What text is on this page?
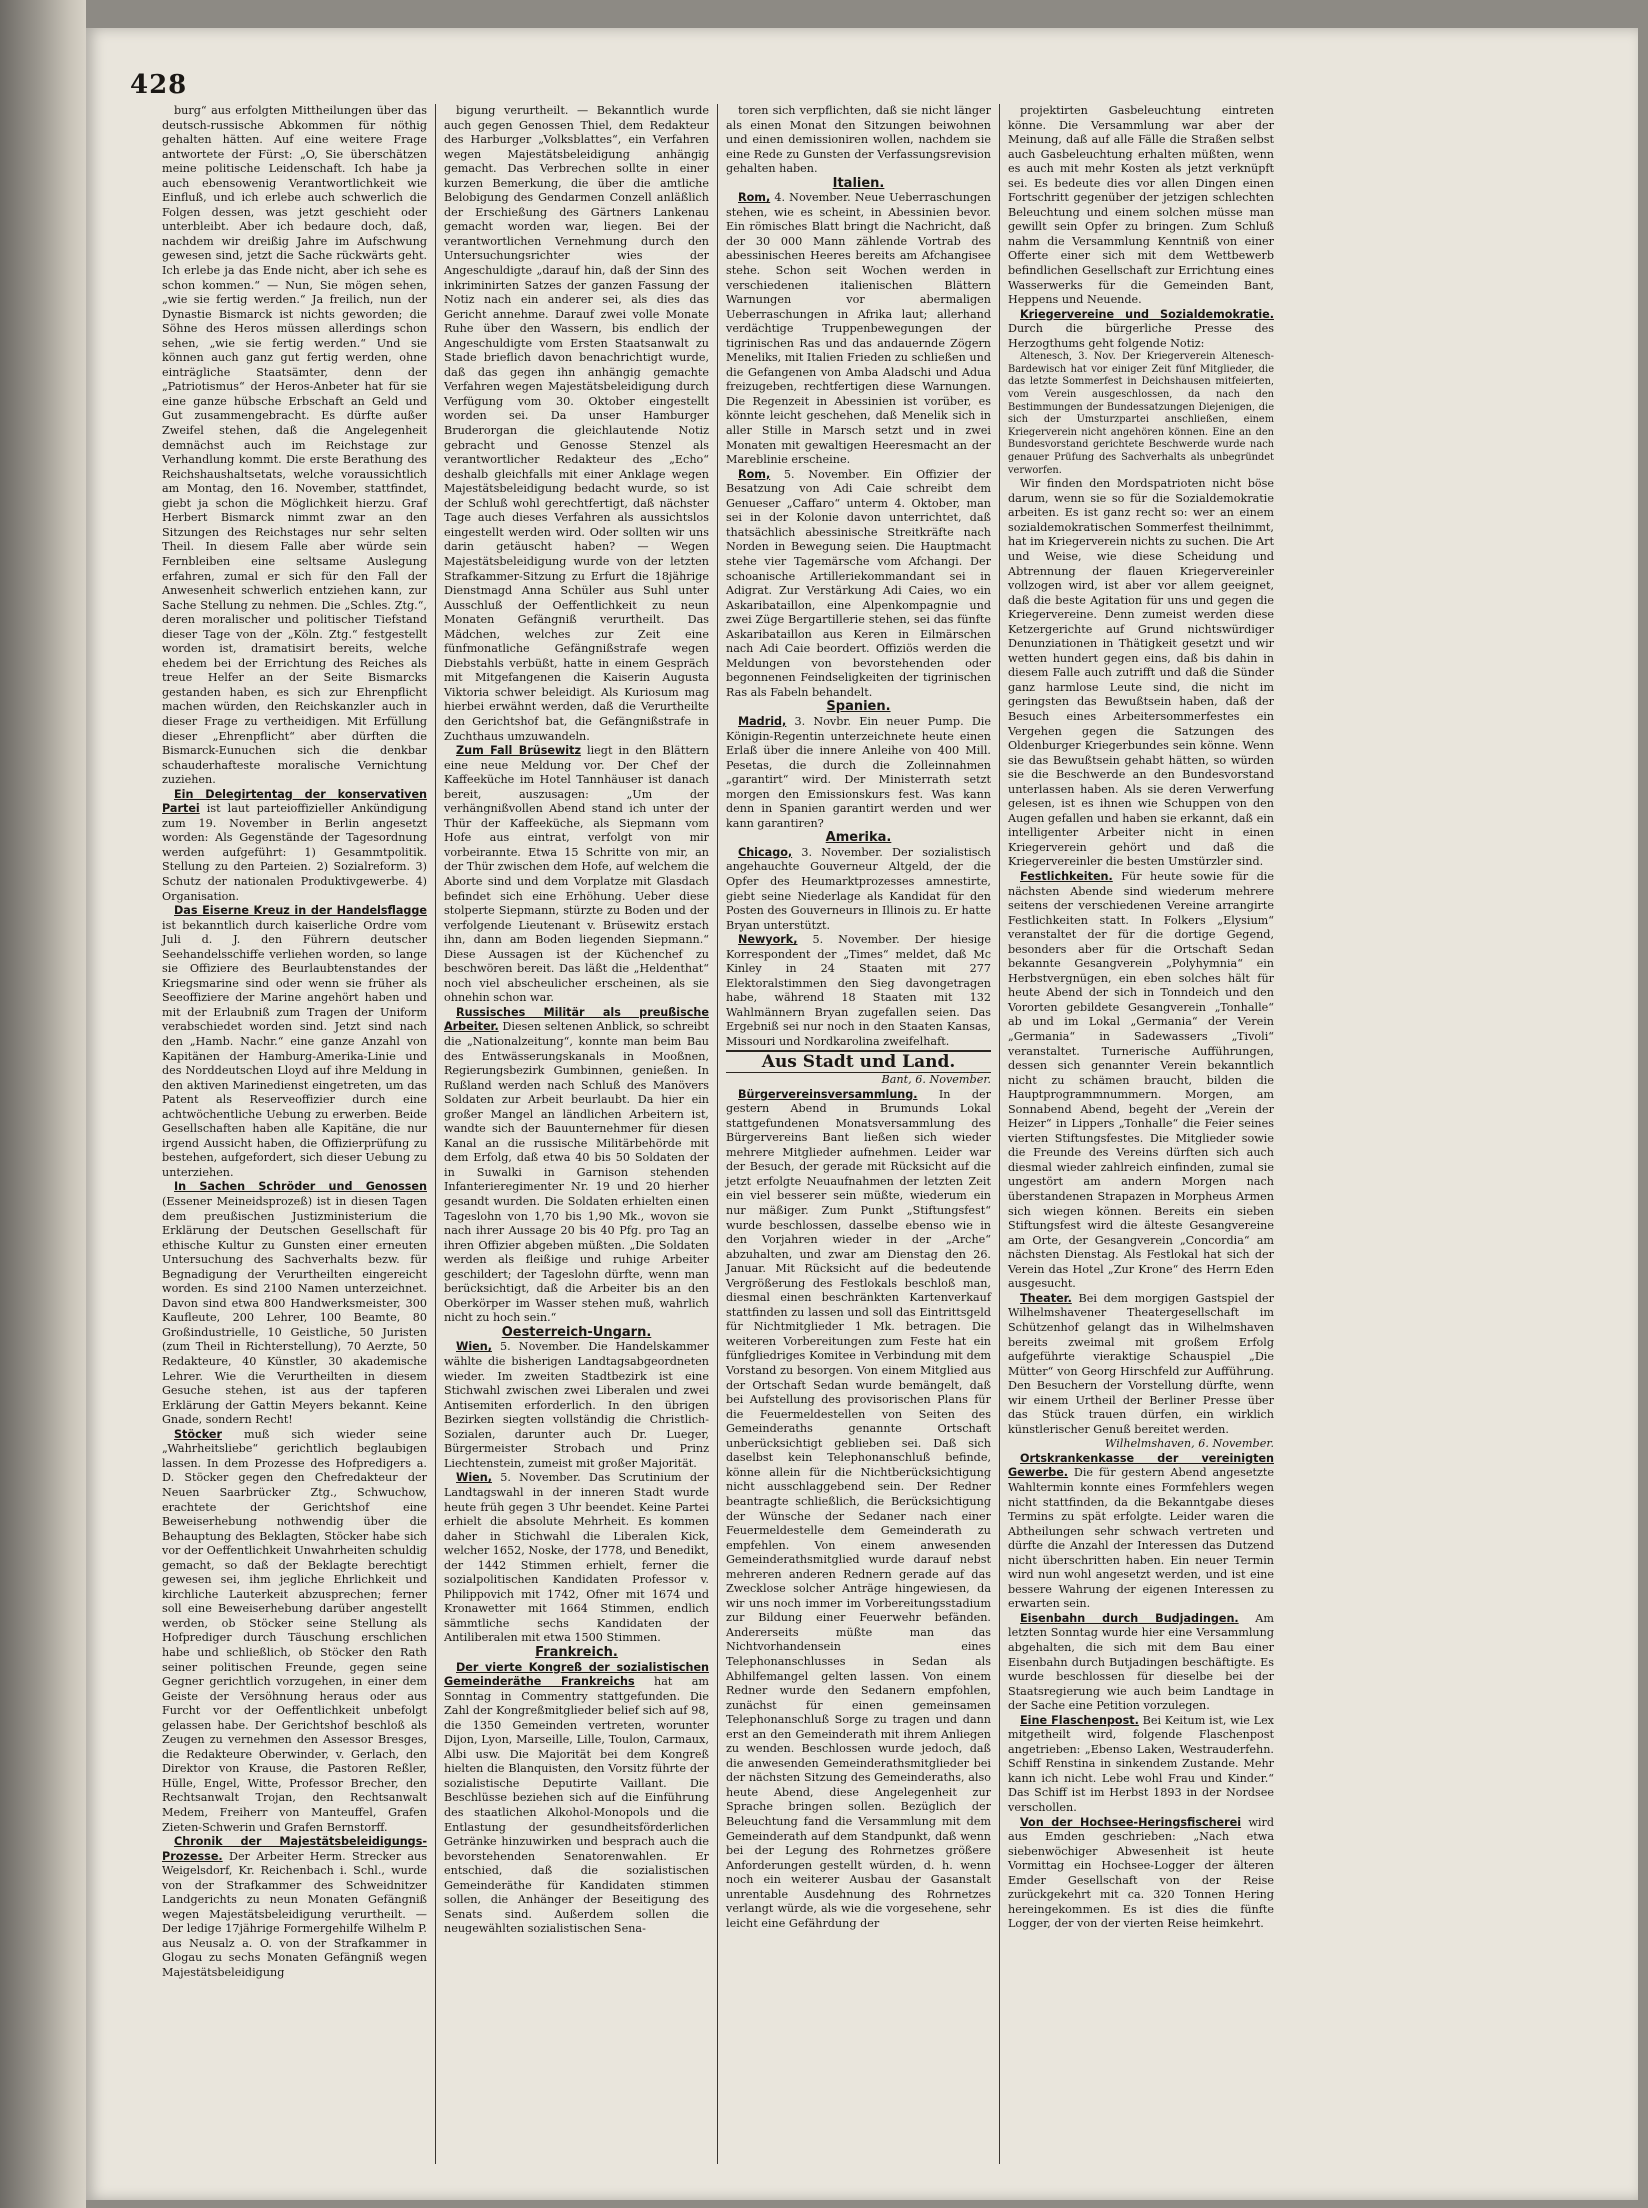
428

burg“ aus erfolgten Mittheilungen über das deutsch-russische Abkommen für nöthig gehalten hätten. Auf eine weitere Frage antwortete der Fürst: „O, Sie überschätzen meine politische Leidenschaft. Ich habe ja auch ebensowenig Verantwortlichkeit wie Einfluß, und ich erlebe auch schwerlich die Folgen dessen, was jetzt geschieht oder unterbleibt. Aber ich bedaure doch, daß, nachdem wir dreißig Jahre im Aufschwung gewesen sind, jetzt die Sache rückwärts geht. Ich erlebe ja das Ende nicht, aber ich sehe es schon kommen.“ — Nun, Sie mögen sehen, „wie sie fertig werden.“ Ja freilich, nun der Dynastie Bismarck ist nichts geworden; die Söhne des Heros müssen allerdings schon sehen, „wie sie fertig werden.“ Und sie können auch ganz gut fertig werden, ohne einträgliche Staatsämter, denn der „Patriotismus“ der Heros-Anbeter hat für sie eine ganze hübsche Erbschaft an Geld und Gut zusammengebracht. Es dürfte außer Zweifel stehen, daß die Angelegenheit demnächst auch im Reichstage zur Verhandlung kommt. Die erste Berathung des Reichshaushaltsetats, welche voraussichtlich am Montag, den 16. November, stattfindet, giebt ja schon die Möglichkeit hierzu. Graf Herbert Bismarck nimmt zwar an den Sitzungen des Reichstages nur sehr selten Theil. In diesem Falle aber würde sein Fernbleiben eine seltsame Auslegung erfahren, zumal er sich für den Fall der Anwesenheit schwerlich entziehen kann, zur Sache Stellung zu nehmen. Die „Schles. Ztg.“, deren moralischer und politischer Tiefstand dieser Tage von der „Köln. Ztg.“ festgestellt worden ist, dramatisirt bereits, welche ehedem bei der Errichtung des Reiches als treue Helfer an der Seite Bismarcks gestanden haben, es sich zur Ehrenpflicht machen würden, den Reichskanzler auch in dieser Frage zu vertheidigen. Mit Erfüllung dieser „Ehrenpflicht“ aber dürften die Bismarck-Eunuchen sich die denkbar schauderhafteste moralische Vernichtung zuziehen.

Ein Delegirtentag der konservativen Partei ist laut parteioffizieller Ankündigung zum 19. November in Berlin angesetzt worden: Als Gegenstände der Tagesordnung werden aufgeführt: 1) Gesammtpolitik. Stellung zu den Parteien. 2) Sozialreform. 3) Schutz der nationalen Produktivgewerbe. 4) Organisation.

Das Eiserne Kreuz in der Handelsflagge ist bekanntlich durch kaiserliche Ordre vom Juli d. J. den Führern deutscher Seehandelsschiffe verliehen worden, so lange sie Offiziere des Beurlaubtenstandes der Kriegsmarine sind oder wenn sie früher als Seeoffiziere der Marine angehört haben und mit der Erlaubniß zum Tragen der Uniform verabschiedet worden sind. Jetzt sind nach den „Hamb. Nachr.“ eine ganze Anzahl von Kapitänen der Hamburg-Amerika-Linie und des Norddeutschen Lloyd auf ihre Meldung in den aktiven Marinedienst eingetreten, um das Patent als Reserveoffizier durch eine achtwöchentliche Uebung zu erwerben. Beide Gesellschaften haben alle Kapitäne, die nur irgend Aussicht haben, die Offizierprüfung zu bestehen, aufgefordert, sich dieser Uebung zu unterziehen.

In Sachen Schröder und Genossen (Essener Meineidsprozeß) ist in diesen Tagen dem preußischen Justizministerium die Erklärung der Deutschen Gesellschaft für ethische Kultur zu Gunsten einer erneuten Untersuchung des Sachverhalts bezw. für Begnadigung der Verurtheilten eingereicht worden. Es sind 2100 Namen unterzeichnet. Davon sind etwa 800 Handwerksmeister, 300 Kaufleute, 200 Lehrer, 100 Beamte, 80 Großindustrielle, 10 Geistliche, 50 Juristen (zum Theil in Richterstellung), 70 Aerzte, 50 Redakteure, 40 Künstler, 30 akademische Lehrer. Wie die Verurtheilten in diesem Gesuche stehen, ist aus der tapferen Erklärung der Gattin Meyers bekannt. Keine Gnade, sondern Recht!

Stöcker muß sich wieder seine „Wahrheitsliebe“ gerichtlich beglaubigen lassen. In dem Prozesse des Hofpredigers a. D. Stöcker gegen den Chefredakteur der Neuen Saarbrücker Ztg., Schwuchow, erachtete der Gerichtshof eine Beweiserhebung nothwendig über die Behauptung des Beklagten, Stöcker habe sich vor der Oeffentlichkeit Unwahrheiten schuldig gemacht, so daß der Beklagte berechtigt gewesen sei, ihm jegliche Ehrlichkeit und kirchliche Lauterkeit abzusprechen; ferner soll eine Beweiserhebung darüber angestellt werden, ob Stöcker seine Stellung als Hofprediger durch Täuschung erschlichen habe und schließlich, ob Stöcker den Rath seiner politischen Freunde, gegen seine Gegner gerichtlich vorzugehen, in einer dem Geiste der Versöhnung heraus oder aus Furcht vor der Oeffentlichkeit unbefolgt gelassen habe. Der Gerichtshof beschloß als Zeugen zu vernehmen den Assessor Bresges, die Redakteure Oberwinder, v. Gerlach, den Direktor von Krause, die Pastoren Reßler, Hülle, Engel, Witte, Professor Brecher, den Rechtsanwalt Trojan, den Rechtsanwalt Medem, Freiherr von Manteuffel, Grafen Zieten-Schwerin und Grafen Bernstorff.

Chronik der Majestätsbeleidigungs-Prozesse. Der Arbeiter Herm. Strecker aus Weigelsdorf, Kr. Reichenbach i. Schl., wurde von der Strafkammer des Schweidnitzer Landgerichts zu neun Monaten Gefängniß wegen Majestätsbeleidigung verurtheilt. — Der ledige 17jährige Formergehilfe Wilhelm P. aus Neusalz a. O. von der Strafkammer in Glogau zu sechs Monaten Gefängniß wegen Majestätsbeleidigung

bigung verurtheilt. — Bekanntlich wurde auch gegen Genossen Thiel, dem Redakteur des Harburger „Volksblattes“, ein Verfahren wegen Majestätsbeleidigung anhängig gemacht. Das Verbrechen sollte in einer kurzen Bemerkung, die über die amtliche Belobigung des Gendarmen Conzell anläßlich der Erschießung des Gärtners Lankenau gemacht worden war, liegen. Bei der verantwortlichen Vernehmung durch den Untersuchungsrichter wies der Angeschuldigte „darauf hin, daß der Sinn des inkriminirten Satzes der ganzen Fassung der Notiz nach ein anderer sei, als dies das Gericht annehme. Darauf zwei volle Monate Ruhe über den Wassern, bis endlich der Angeschuldigte vom Ersten Staatsanwalt zu Stade brieflich davon benachrichtigt wurde, daß das gegen ihn anhängig gemachte Verfahren wegen Majestätsbeleidigung durch Verfügung vom 30. Oktober eingestellt worden sei. Da unser Hamburger Bruderorgan die gleichlautende Notiz gebracht und Genosse Stenzel als verantwortlicher Redakteur des „Echo“ deshalb gleichfalls mit einer Anklage wegen Majestätsbeleidigung bedacht wurde, so ist der Schluß wohl gerechtfertigt, daß nächster Tage auch dieses Verfahren als aussichtslos eingestellt werden wird. Oder sollten wir uns darin getäuscht haben? — Wegen Majestätsbeleidigung wurde von der letzten Strafkammer-Sitzung zu Erfurt die 18jährige Dienstmagd Anna Schüler aus Suhl unter Ausschluß der Oeffentlichkeit zu neun Monaten Gefängniß verurtheilt. Das Mädchen, welches zur Zeit eine fünfmonatliche Gefängnißstrafe wegen Diebstahls verbüßt, hatte in einem Gespräch mit Mitgefangenen die Kaiserin Augusta Viktoria schwer beleidigt. Als Kuriosum mag hierbei erwähnt werden, daß die Verurtheilte den Gerichtshof bat, die Gefängnißstrafe in Zuchthaus umzuwandeln.

Zum Fall Brüsewitz liegt in den Blättern eine neue Meldung vor. Der Chef der Kaffeeküche im Hotel Tannhäuser ist danach bereit, auszusagen: „Um der verhängnißvollen Abend stand ich unter der Thür der Kaffeeküche, als Siepmann vom Hofe aus eintrat, verfolgt von mir vorbeirannte. Etwa 15 Schritte von mir, an der Thür zwischen dem Hofe, auf welchem die Aborte sind und dem Vorplatze mit Glasdach befindet sich eine Erhöhung. Ueber diese stolperte Siepmann, stürzte zu Boden und der verfolgende Lieutenant v. Brüsewitz erstach ihn, dann am Boden liegenden Siepmann.“ Diese Aussagen ist der Küchenchef zu beschwören bereit. Das läßt die „Heldenthat“ noch viel abscheulicher erscheinen, als sie ohnehin schon war.

Russisches Militär als preußische Arbeiter. Diesen seltenen Anblick, so schreibt die „Nationalzeitung“, konnte man beim Bau des Entwässerungskanals in Mooßnen, Regierungsbezirk Gumbinnen, genießen. In Rußland werden nach Schluß des Manövers Soldaten zur Arbeit beurlaubt. Da hier ein großer Mangel an ländlichen Arbeitern ist, wandte sich der Bauunternehmer für diesen Kanal an die russische Militärbehörde mit dem Erfolg, daß etwa 40 bis 50 Soldaten der in Suwalki in Garnison stehenden Infanterieregimenter Nr. 19 und 20 hierher gesandt wurden. Die Soldaten erhielten einen Tageslohn von 1,70 bis 1,90 Mk., wovon sie nach ihrer Aussage 20 bis 40 Pfg. pro Tag an ihren Offizier abgeben müßten. „Die Soldaten werden als fleißige und ruhige Arbeiter geschildert; der Tageslohn dürfte, wenn man berücksichtigt, daß die Arbeiter bis an den Oberkörper im Wasser stehen muß, wahrlich nicht zu hoch sein.“

Oesterreich-Ungarn.

Wien, 5. November. Die Handelskammer wählte die bisherigen Landtagsabgeordneten wieder. Im zweiten Stadtbezirk ist eine Stichwahl zwischen zwei Liberalen und zwei Antisemiten erforderlich. In den übrigen Bezirken siegten vollständig die Christlich-Sozialen, darunter auch Dr. Lueger, Bürgermeister Strobach und Prinz Liechtenstein, zumeist mit großer Majorität.

Wien, 5. November. Das Scrutinium der Landtagswahl in der inneren Stadt wurde heute früh gegen 3 Uhr beendet. Keine Partei erhielt die absolute Mehrheit. Es kommen daher in Stichwahl die Liberalen Kick, welcher 1652, Noske, der 1778, und Benedikt, der 1442 Stimmen erhielt, ferner die sozialpolitischen Kandidaten Professor v. Philippovich mit 1742, Ofner mit 1674 und Kronawetter mit 1664 Stimmen, endlich sämmtliche sechs Kandidaten der Antiliberalen mit etwa 1500 Stimmen.

Frankreich.

Der vierte Kongreß der sozialistischen Gemeinderäthe Frankreichs hat am Sonntag in Commentry stattgefunden. Die Zahl der Kongreßmitglieder belief sich auf 98, die 1350 Gemeinden vertreten, worunter Dijon, Lyon, Marseille, Lille, Toulon, Carmaux, Albi usw. Die Majorität bei dem Kongreß hielten die Blanquisten, den Vorsitz führte der sozialistische Deputirte Vaillant. Die Beschlüsse beziehen sich auf die Einführung des staatlichen Alkohol-Monopols und die Entlastung der gesundheitsförderlichen Getränke hinzuwirken und besprach auch die bevorstehenden Senatorenwahlen. Er entschied, daß die sozialistischen Gemeinderäthe für Kandidaten stimmen sollen, die Anhänger der Beseitigung des Senats sind. Außerdem sollen die neugewählten sozialistischen Sena-

toren sich verpflichten, daß sie nicht länger als einen Monat den Sitzungen beiwohnen und einen demissioniren wollen, nachdem sie eine Rede zu Gunsten der Verfassungsrevision gehalten haben.

Italien.

Rom, 4. November. Neue Ueberraschungen stehen, wie es scheint, in Abessinien bevor. Ein römisches Blatt bringt die Nachricht, daß der 30 000 Mann zählende Vortrab des abessinischen Heeres bereits am Afchangisee stehe. Schon seit Wochen werden in verschiedenen italienischen Blättern Warnungen vor abermaligen Ueberraschungen in Afrika laut; allerhand verdächtige Truppenbewegungen der tigrinischen Ras und das andauernde Zögern Meneliks, mit Italien Frieden zu schließen und die Gefangenen von Amba Aladschi und Adua freizugeben, rechtfertigen diese Warnungen. Die Regenzeit in Abessinien ist vorüber, es könnte leicht geschehen, daß Menelik sich in aller Stille in Marsch setzt und in zwei Monaten mit gewaltigen Heeresmacht an der Mareblinie erscheine.

Rom, 5. November. Ein Offizier der Besatzung von Adi Caie schreibt dem Genueser „Caffaro“ unterm 4. Oktober, man sei in der Kolonie davon unterrichtet, daß thatsächlich abessinische Streitkräfte nach Norden in Bewegung seien. Die Hauptmacht stehe vier Tagemärsche vom Afchangi. Der schoanische Artilleriekommandant sei in Adigrat. Zur Verstärkung Adi Caies, wo ein Askaribataillon, eine Alpenkompagnie und zwei Züge Bergartillerie stehen, sei das fünfte Askaribataillon aus Keren in Eilmärschen nach Adi Caie beordert. Offiziös werden die Meldungen von bevorstehenden oder begonnenen Feindseligkeiten der tigrinischen Ras als Fabeln behandelt.

Spanien.

Madrid, 3. Novbr. Ein neuer Pump. Die Königin-Regentin unterzeichnete heute einen Erlaß über die innere Anleihe von 400 Mill. Pesetas, die durch die Zolleinnahmen „garantirt“ wird. Der Ministerrath setzt morgen den Emissionskurs fest. Was kann denn in Spanien garantirt werden und wer kann garantiren?

Amerika.

Chicago, 3. November. Der sozialistisch angehauchte Gouverneur Altgeld, der die Opfer des Heumarktprozesses amnestirte, giebt seine Niederlage als Kandidat für den Posten des Gouverneurs in Illinois zu. Er hatte Bryan unterstützt.

Newyork, 5. November. Der hiesige Korrespondent der „Times“ meldet, daß Mc Kinley in 24 Staaten mit 277 Elektoralstimmen den Sieg davongetragen habe, während 18 Staaten mit 132 Wahlmännern Bryan zugefallen seien. Das Ergebniß sei nur noch in den Staaten Kansas, Missouri und Nordkarolina zweifelhaft.

Aus Stadt und Land.

Bant, 6. November.

Bürgervereinsversammlung. In der gestern Abend in Brumunds Lokal stattgefundenen Monatsversammlung des Bürgervereins Bant ließen sich wieder mehrere Mitglieder aufnehmen. Leider war der Besuch, der gerade mit Rücksicht auf die jetzt erfolgte Neuaufnahmen der letzten Zeit ein viel besserer sein müßte, wiederum ein nur mäßiger. Zum Punkt „Stiftungsfest“ wurde beschlossen, dasselbe ebenso wie in den Vorjahren wieder in der „Arche“ abzuhalten, und zwar am Dienstag den 26. Januar. Mit Rücksicht auf die bedeutende Vergrößerung des Festlokals beschloß man, diesmal einen beschränkten Kartenverkauf stattfinden zu lassen und soll das Eintrittsgeld für Nichtmitglieder 1 Mk. betragen. Die weiteren Vorbereitungen zum Feste hat ein fünfgliedriges Komitee in Verbindung mit dem Vorstand zu besorgen. Von einem Mitglied aus der Ortschaft Sedan wurde bemängelt, daß bei Aufstellung des provisorischen Plans für die Feuermeldestellen von Seiten des Gemeinderaths genannte Ortschaft unberücksichtigt geblieben sei. Daß sich daselbst kein Telephonanschluß befinde, könne allein für die Nichtberücksichtigung nicht ausschlaggebend sein. Der Redner beantragte schließlich, die Berücksichtigung der Wünsche der Sedaner nach einer Feuermeldestelle dem Gemeinderath zu empfehlen. Von einem anwesenden Gemeinderathsmitglied wurde darauf nebst mehreren anderen Rednern gerade auf das Zwecklose solcher Anträge hingewiesen, da wir uns noch immer im Vorbereitungsstadium zur Bildung einer Feuerwehr befänden. Andererseits müßte man das Nichtvorhandensein eines Telephonanschlusses in Sedan als Abhilfemangel gelten lassen. Von einem Redner wurde den Sedanern empfohlen, zunächst für einen gemeinsamen Telephonanschluß Sorge zu tragen und dann erst an den Gemeinderath mit ihrem Anliegen zu wenden. Beschlossen wurde jedoch, daß die anwesenden Gemeinderathsmitglieder bei der nächsten Sitzung des Gemeinderaths, also heute Abend, diese Angelegenheit zur Sprache bringen sollen. Bezüglich der Beleuchtung fand die Versammlung mit dem Gemeinderath auf dem Standpunkt, daß wenn bei der Legung des Rohrnetzes größere Anforderungen gestellt würden, d. h. wenn noch ein weiterer Ausbau der Gasanstalt unrentable Ausdehnung des Rohrnetzes verlangt würde, als wie die vorgesehene, sehr leicht eine Gefährdung der

projektirten Gasbeleuchtung eintreten könne. Die Versammlung war aber der Meinung, daß auf alle Fälle die Straßen selbst auch Gasbeleuchtung erhalten müßten, wenn es auch mit mehr Kosten als jetzt verknüpft sei. Es bedeute dies vor allen Dingen einen Fortschritt gegenüber der jetzigen schlechten Beleuchtung und einem solchen müsse man gewillt sein Opfer zu bringen. Zum Schluß nahm die Versammlung Kenntniß von einer Offerte einer sich mit dem Wettbewerb befindlichen Gesellschaft zur Errichtung eines Wasserwerks für die Gemeinden Bant, Heppens und Neuende.

Kriegervereine und Sozialdemokratie. Durch die bürgerliche Presse des Herzogthums geht folgende Notiz:

Altenesch, 3. Nov. Der Kriegerverein Altenesch-Bardewisch hat vor einiger Zeit fünf Mitglieder, die das letzte Sommerfest in Deichshausen mitfeierten, vom Verein ausgeschlossen, da nach den Bestimmungen der Bundessatzungen Diejenigen, die sich der Umsturzpartei anschließen, einem Kriegerverein nicht angehören können. Eine an den Bundesvorstand gerichtete Beschwerde wurde nach genauer Prüfung des Sachverhalts als unbegründet verworfen.

Wir finden den Mordspatrioten nicht böse darum, wenn sie so für die Sozialdemokratie arbeiten. Es ist ganz recht so: wer an einem sozialdemokratischen Sommerfest theilnimmt, hat im Kriegerverein nichts zu suchen. Die Art und Weise, wie diese Scheidung und Abtrennung der flauen Kriegervereinler vollzogen wird, ist aber vor allem geeignet, daß die beste Agitation für uns und gegen die Kriegervereine. Denn zumeist werden diese Ketzergerichte auf Grund nichtswürdiger Denunziationen in Thätigkeit gesetzt und wir wetten hundert gegen eins, daß bis dahin in diesem Falle auch zutrifft und daß die Sünder ganz harmlose Leute sind, die nicht im geringsten das Bewußtsein haben, daß der Besuch eines Arbeitersommerfestes ein Vergehen gegen die Satzungen des Oldenburger Kriegerbundes sein könne. Wenn sie das Bewußtsein gehabt hätten, so würden sie die Beschwerde an den Bundesvorstand unterlassen haben. Als sie deren Verwerfung gelesen, ist es ihnen wie Schuppen von den Augen gefallen und haben sie erkannt, daß ein intelligenter Arbeiter nicht in einen Kriegerverein gehört und daß die Kriegervereinler die besten Umstürzler sind.

Festlichkeiten. Für heute sowie für die nächsten Abende sind wiederum mehrere seitens der verschiedenen Vereine arrangirte Festlichkeiten statt. In Folkers „Elysium“ veranstaltet der für die dortige Gegend, besonders aber für die Ortschaft Sedan bekannte Gesangverein „Polyhymnia“ ein Herbstvergnügen, ein eben solches hält für heute Abend der sich in Tonndeich und den Vororten gebildete Gesangverein „Tonhalle“ ab und im Lokal „Germania“ der Verein „Germania“ in Sadewassers „Tivoli“ veranstaltet. Turnerische Aufführungen, dessen sich genannter Verein bekanntlich nicht zu schämen braucht, bilden die Hauptprogrammnummern. Morgen, am Sonnabend Abend, begeht der „Verein der Heizer“ in Lippers „Tonhalle“ die Feier seines vierten Stiftungsfestes. Die Mitglieder sowie die Freunde des Vereins dürften sich auch diesmal wieder zahlreich einfinden, zumal sie ungestört am andern Morgen nach überstandenen Strapazen in Morpheus Armen sich wiegen können. Bereits ein sieben Stiftungsfest wird die älteste Gesangvereine am Orte, der Gesangverein „Concordia“ am nächsten Dienstag. Als Festlokal hat sich der Verein das Hotel „Zur Krone“ des Herrn Eden ausgesucht.

Theater. Bei dem morgigen Gastspiel der Wilhelmshavener Theatergesellschaft im Schützenhof gelangt das in Wilhelmshaven bereits zweimal mit großem Erfolg aufgeführte vieraktige Schauspiel „Die Mütter“ von Georg Hirschfeld zur Aufführung. Den Besuchern der Vorstellung dürfte, wenn wir einem Urtheil der Berliner Presse über das Stück trauen dürfen, ein wirklich künstlerischer Genuß bereitet werden.

Wilhelmshaven, 6. November.

Ortskrankenkasse der vereinigten Gewerbe. Die für gestern Abend angesetzte Wahltermin konnte eines Formfehlers wegen nicht stattfinden, da die Bekanntgabe dieses Termins zu spät erfolgte. Leider waren die Abtheilungen sehr schwach vertreten und dürfte die Anzahl der Interessen das Dutzend nicht überschritten haben. Ein neuer Termin wird nun wohl angesetzt werden, und ist eine bessere Wahrung der eigenen Interessen zu erwarten sein.

Eisenbahn durch Budjadingen. Am letzten Sonntag wurde hier eine Versammlung abgehalten, die sich mit dem Bau einer Eisenbahn durch Butjadingen beschäftigte. Es wurde beschlossen für dieselbe bei der Staatsregierung wie auch beim Landtage in der Sache eine Petition vorzulegen.

Eine Flaschenpost. Bei Keitum ist, wie Lex mitgetheilt wird, folgende Flaschenpost angetrieben: „Ebenso Laken, Westrauderfehn. Schiff Renstina in sinkendem Zustande. Mehr kann ich nicht. Lebe wohl Frau und Kinder.“ Das Schiff ist im Herbst 1893 in der Nordsee verschollen.

Von der Hochsee-Heringsfischerei wird aus Emden geschrieben: „Nach etwa siebenwöchiger Abwesenheit ist heute Vormittag ein Hochsee-Logger der älteren Emder Gesellschaft von der Reise zurückgekehrt mit ca. 320 Tonnen Hering hereingekommen. Es ist dies die fünfte Logger, der von der vierten Reise heimkehrt.
